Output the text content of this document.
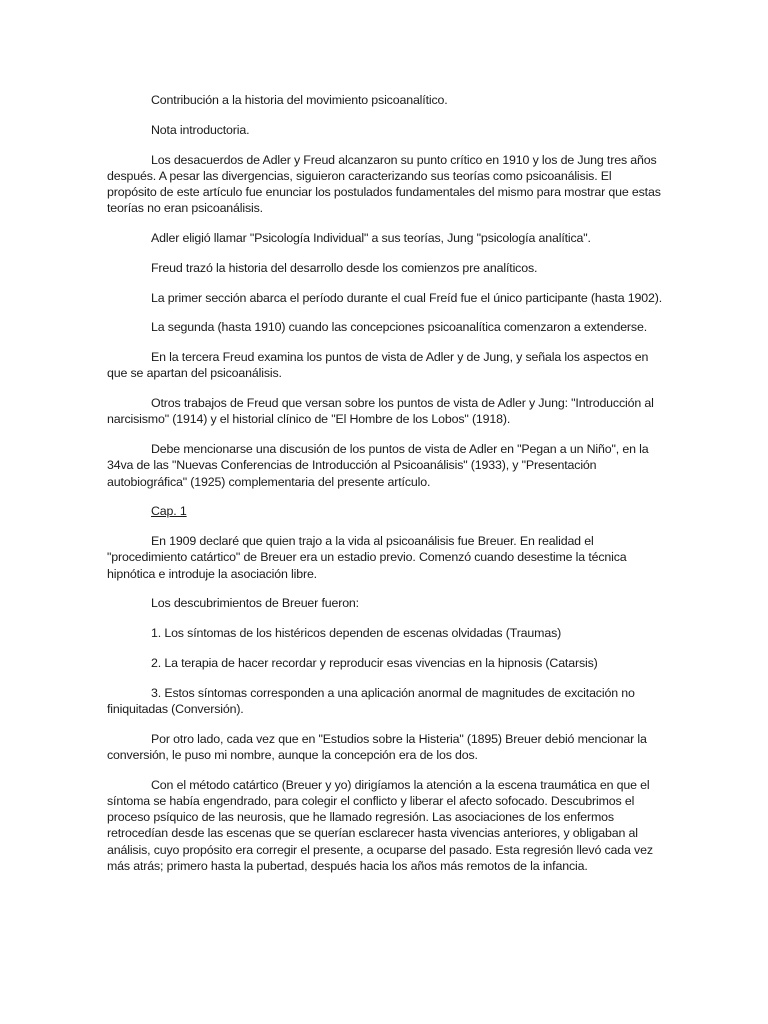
Contribución a la historia del movimiento psicoanalítico.

Nota introductoria.

Los desacuerdos de Adler y Freud alcanzaron su punto crítico en 1910 y los de Jung tres años después. A pesar las divergencias, siguieron caracterizando sus teorías como psicoanálisis. El propósito de este artículo fue enunciar los postulados fundamentales del mismo para mostrar que estas teorías no eran psicoanálisis.

Adler eligió llamar "Psicología Individual" a sus teorías, Jung "psicología analítica".

Freud trazó la historia del desarrollo desde los comienzos pre analíticos.

La primer sección abarca el período durante el cual Freíd fue el único participante (hasta 1902).

La segunda (hasta 1910) cuando las concepciones psicoanalítica comenzaron a extenderse.

En la tercera Freud examina los puntos de vista de Adler y de Jung, y señala los aspectos en que se apartan del psicoanálisis.

Otros trabajos de Freud que versan sobre los puntos de vista de Adler y Jung: "Introducción al narcisismo" (1914) y el historial clínico de "El Hombre de los Lobos" (1918).

Debe mencionarse una discusión de los puntos de vista de Adler en "Pegan a un Niño", en la 34va de las "Nuevas Conferencias de Introducción al Psicoanálisis" (1933), y "Presentación autobiográfica" (1925) complementaria del presente artículo.

Cap. 1

En 1909 declaré que quien trajo a la vida al psicoanálisis fue Breuer. En realidad el "procedimiento catártico" de Breuer era un estadio previo. Comenzó cuando desestime la técnica hipnótica e introduje la asociación libre.

Los descubrimientos de Breuer fueron:

1. Los síntomas de los histéricos dependen de escenas olvidadas (Traumas)

2. La terapia de hacer recordar y reproducir esas vivencias en la hipnosis (Catarsis)

3. Estos síntomas corresponden a una aplicación anormal de magnitudes de excitación no finiquitadas (Conversión).

Por otro lado, cada vez que en "Estudios sobre la Histeria" (1895) Breuer debió mencionar la conversión, le puso mi nombre, aunque la concepción era de los dos.

Con el método catártico (Breuer y yo) dirigíamos la atención a la escena traumática en que el síntoma se había engendrado, para colegir el conflicto y liberar el afecto sofocado. Descubrimos el proceso psíquico de las neurosis, que he llamado regresión. Las asociaciones de los enfermos retrocedían desde las escenas que se querían esclarecer hasta vivencias anteriores, y obligaban al análisis, cuyo propósito era corregir el presente, a ocuparse del pasado. Esta regresión llevó cada vez más atrás; primero hasta la pubertad, después hacia los años más remotos de la infancia.
